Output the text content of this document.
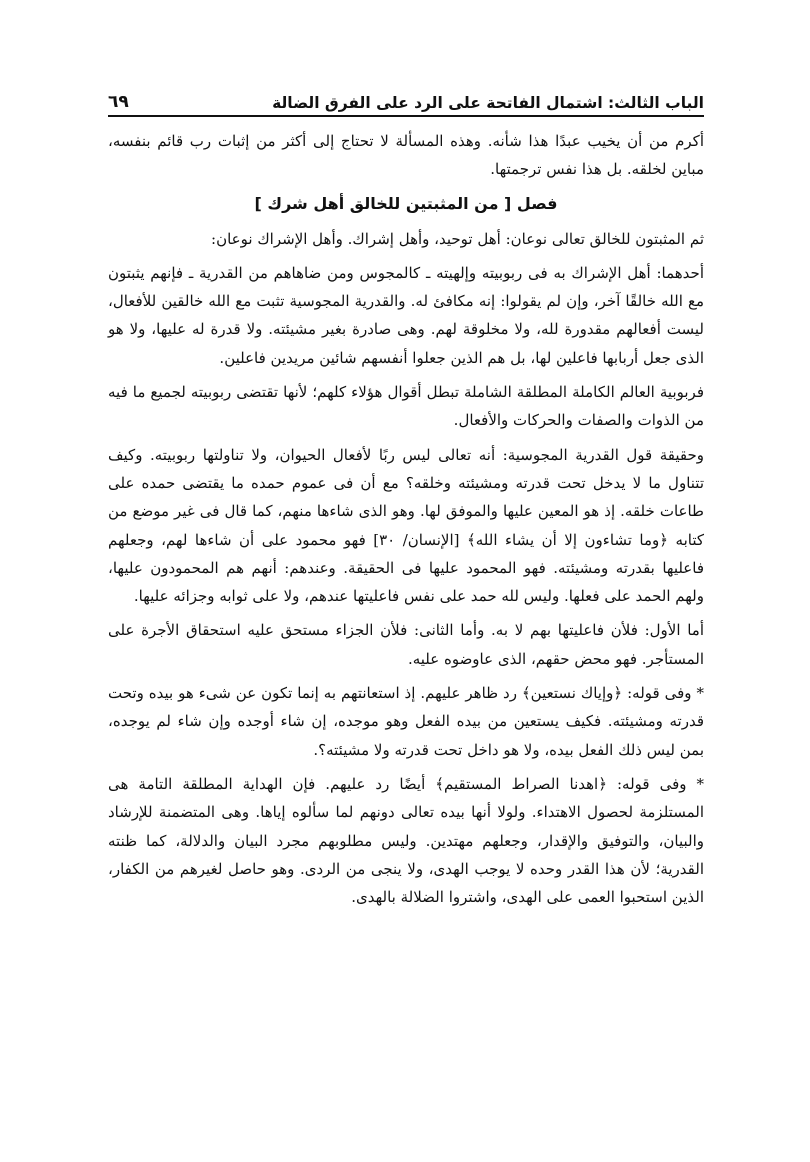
الباب الثالث: اشتمال الفاتحة على الرد على الفرق الضالة
٦٩

أكرم من أن يخيب عبدًا هذا شأنه. وهذه المسألة لا تحتاج إلى أكثر من إثبات رب قائم بنفسه، مباين لخلقه. بل هذا نفس ترجمتها.

فصل [ من المثبتين للخالق أهل شرك ]

ثم المثبتون للخالق تعالى نوعان: أهل توحيد، وأهل إشراك. وأهل الإشراك نوعان:

أحدهما: أهل الإشراك به فى ربوبيته وإلهيته ـ كالمجوس ومن ضاهاهم من القدرية ـ فإنهم يثبتون مع الله خالقًا آخر، وإن لم يقولوا: إنه مكافئ له. والقدرية المجوسية تثبت مع الله خالقين للأفعال، ليست أفعالهم مقدورة لله، ولا مخلوقة لهم. وهى صادرة بغير مشيئته. ولا قدرة له عليها، ولا هو الذى جعل أربابها فاعلين لها، بل هم الذين جعلوا أنفسهم شائين مريدين فاعلين.

فربوبية العالم الكاملة المطلقة الشاملة تبطل أقوال هؤلاء كلهم؛ لأنها تقتضى ربوبيته لجميع ما فيه من الذوات والصفات والحركات والأفعال.

وحقيقة قول القدرية المجوسية: أنه تعالى ليس ربًا لأفعال الحيوان، ولا تناولتها ربوبيته. وكيف تتناول ما لا يدخل تحت قدرته ومشيئته وخلقه؟ مع أن فى عموم حمده ما يقتضى حمده على طاعات خلقه. إذ هو المعين عليها والموفق لها. وهو الذى شاءها منهم، كما قال فى غير موضع من كتابه ﴿وما تشاءون إلا أن يشاء الله﴾ [الإنسان/ ٣٠] فهو محمود على أن شاءها لهم، وجعلهم فاعليها بقدرته ومشيئته. فهو المحمود عليها فى الحقيقة. وعندهم: أنهم هم المحمودون عليها، ولهم الحمد على فعلها. وليس لله حمد على نفس فاعليتها عندهم، ولا على ثوابه وجزائه عليها.

أما الأول: فلأن فاعليتها بهم لا به. وأما الثانى: فلأن الجزاء مستحق عليه استحقاق الأجرة على المستأجر. فهو محض حقهم، الذى عاوضوه عليه.

* وفى قوله: ﴿وإياك نستعين﴾ رد ظاهر عليهم. إذ استعانتهم به إنما تكون عن شىء هو بيده وتحت قدرته ومشيئته. فكيف يستعين من بيده الفعل وهو موجده، إن شاء أوجده وإن شاء لم يوجده، بمن ليس ذلك الفعل بيده، ولا هو داخل تحت قدرته ولا مشيئته؟.

* وفى قوله: ﴿اهدنا الصراط المستقيم﴾ أيضًا رد عليهم. فإن الهداية المطلقة التامة هى المستلزمة لحصول الاهتداء. ولولا أنها بيده تعالى دونهم لما سألوه إياها. وهى المتضمنة للإرشاد والبيان، والتوفيق والإقدار، وجعلهم مهتدين. وليس مطلوبهم مجرد البيان والدلالة، كما ظنته القدرية؛ لأن هذا القدر وحده لا يوجب الهدى، ولا ينجى من الردى. وهو حاصل لغيرهم من الكفار، الذين استحبوا العمى على الهدى، واشتروا الضلالة بالهدى.
